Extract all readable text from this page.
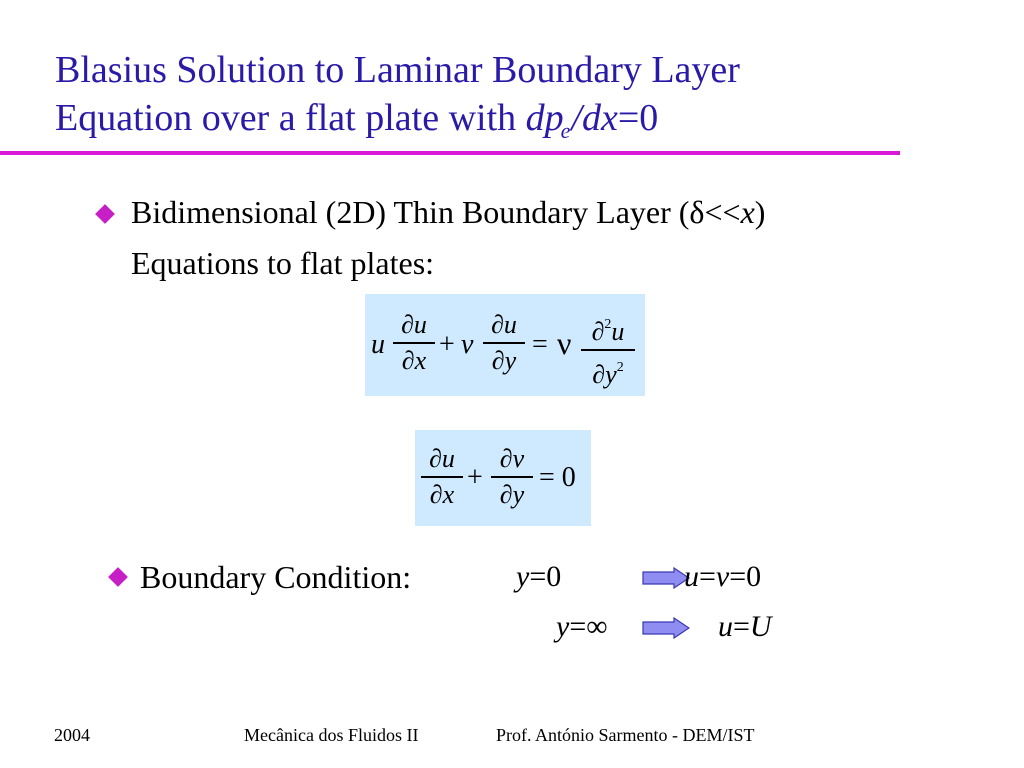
Blasius Solution to Laminar Boundary Layer
Equation over a flat plate with $dp_e/dx=0$
Bidimensional (2D) Thin Boundary Layer (δ<<x)
Equations to flat plates:
u
∂u
∂x + v
∂u
∂y = ν ∂$^2$u
$\partial y^2$
∂u
∂x
+
∂v
∂y
= 0
Boundary Condition:	y=0	u=v=0
y=∞	u=U
2004	Mecânica dos Fluidos II	Prof. António Sarmento - DEM/IST
